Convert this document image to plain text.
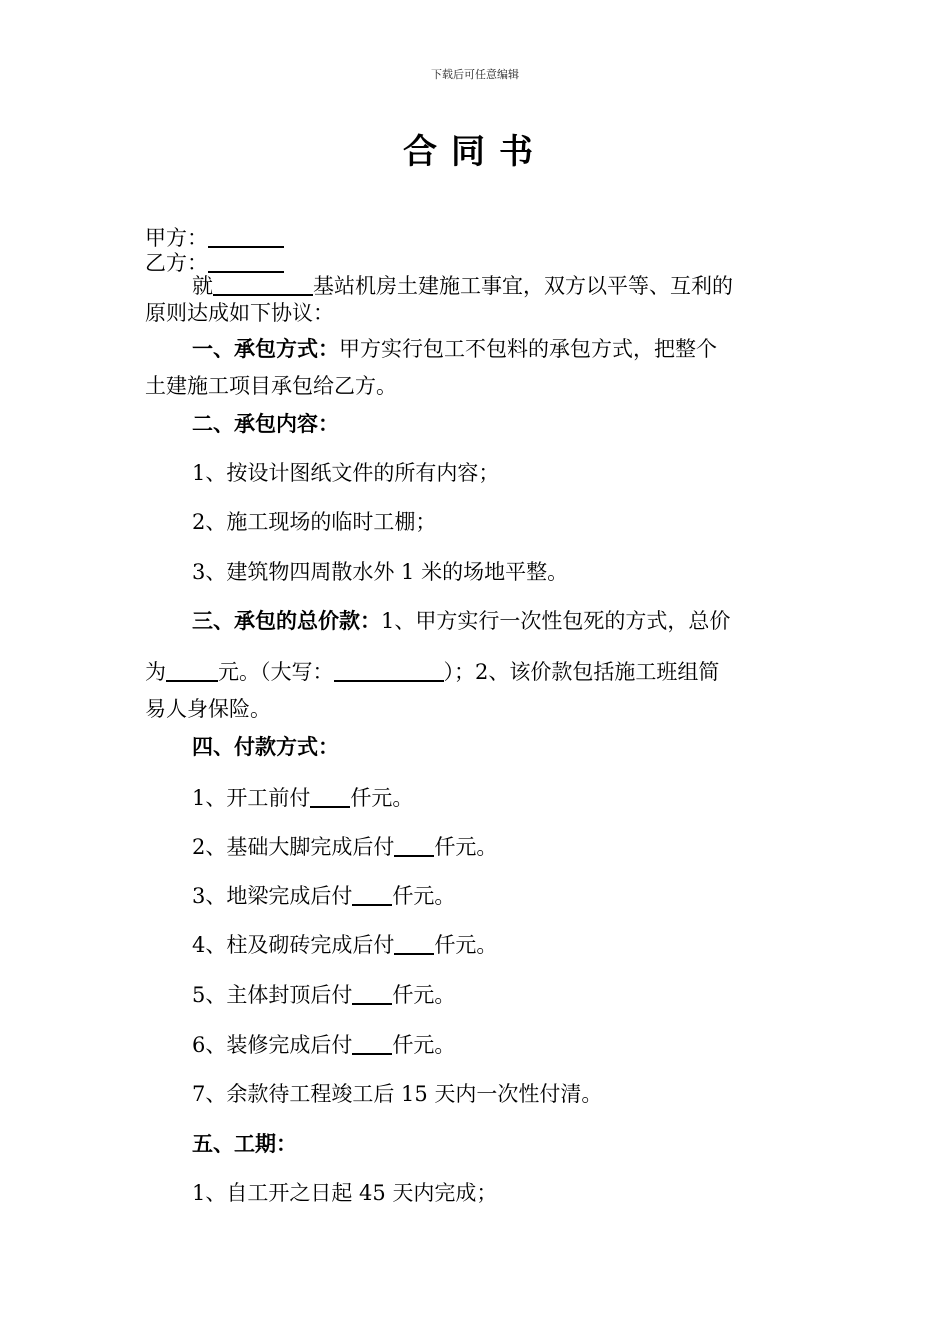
下载后可任意编辑
合同书
甲方：
乙方：
就	基站机房土建施工事宜，双方以平等、互利的
原则达成如下协议：
一、承包方式：甲方实行包工不包料的承包方式，把整个
土建施工项目承包给乙方。
二、承包内容：
1、按设计图纸文件的所有内容；
2、施工现场的临时工棚；
3、建筑物四周散水外 1 米的场地平整。
三、承包的总价款：1、甲方实行一次性包死的方式，总价
为 元。（大写：	）；2、该价款包括施工班组简
易人身保险。
四、付款方式：
1、开工前付 仟元。
2、基础大脚完成后付 仟元。
3、地梁完成后付 仟元。
4、柱及砌砖完成后付 仟元。
5、主体封顶后付 仟元。
6、装修完成后付 仟元。
7、余款待工程竣工后 15 天内一次性付清。
五、工期：
1、自工开之日起 45 天内完成；
